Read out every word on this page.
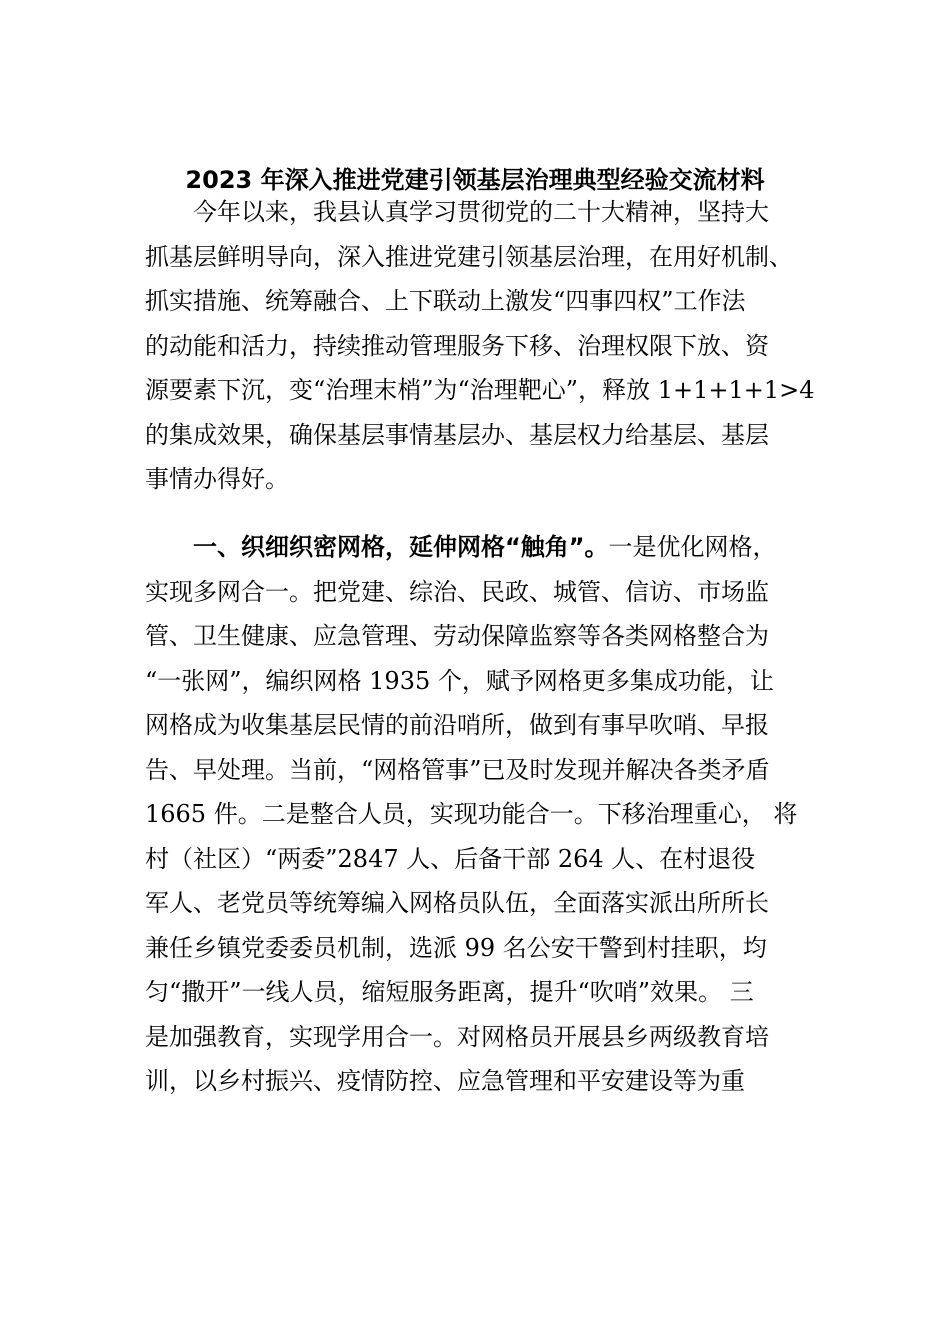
2023 年深入推进党建引领基层治理典型经验交流材料
今年以来，我县认真学习贯彻党的二十大精神，坚持大
抓基层鲜明导向，深入推进党建引领基层治理，在用好机制、
抓实措施、统筹融合、上下联动上激发“四事四权”工作法
的动能和活力，持续推动管理服务下移、治理权限下放、资
源要素下沉，变“治理末梢”为“治理靶心”，释放 1+1+1+1>4
的集成效果，确保基层事情基层办、基层权力给基层、基层
事情办得好。
一、织细织密网格，延伸网格“触角”。一是优化网格，
实现多网合一。把党建、综治、民政、城管、信访、市场监
管、卫生健康、应急管理、劳动保障监察等各类网格整合为
“一张网”，编织网格 1935 个，赋予网格更多集成功能，让
网格成为收集基层民情的前沿哨所，做到有事早吹哨、早报
告、早处理。当前，“网格管事”已及时发现并解决各类矛盾
1665 件。二是整合人员，实现功能合一。下移治理重心， 将
村（社区）“两委”2847 人、后备干部 264 人、在村退役
军人、老党员等统筹编入网格员队伍，全面落实派出所所长
兼任乡镇党委委员机制，选派 99 名公安干警到村挂职，均
匀“撒开”一线人员，缩短服务距离，提升“吹哨”效果。 三
是加强教育，实现学用合一。对网格员开展县乡两级教育培
训，以乡村振兴、疫情防控、应急管理和平安建设等为重
